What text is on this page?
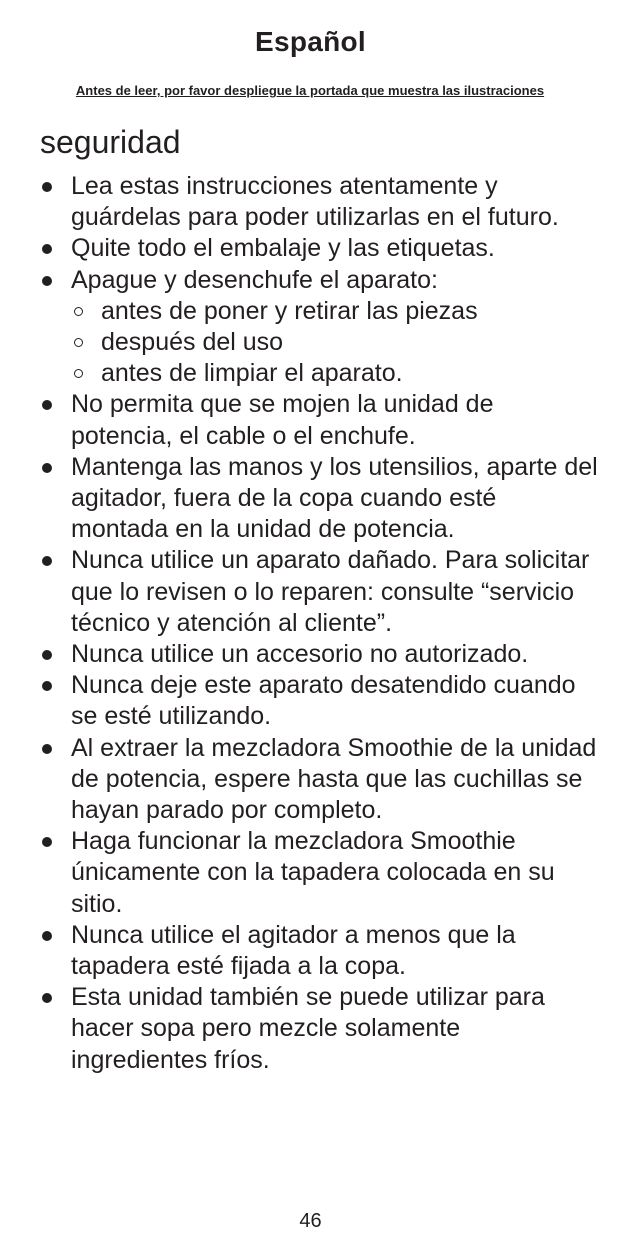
Español
Antes de leer, por favor despliegue la portada que muestra las ilustraciones
seguridad
Lea estas instrucciones atentamente y guárdelas para poder utilizarlas en el futuro.
Quite todo el embalaje y las etiquetas.
Apague y desenchufe el aparato:
antes de poner y retirar las piezas
después del uso
antes de limpiar el aparato.
No permita que se mojen la unidad de potencia, el cable o el enchufe.
Mantenga las manos y los utensilios, aparte del agitador, fuera de la copa cuando esté montada en la unidad de potencia.
Nunca utilice un aparato dañado. Para solicitar que lo revisen o lo reparen: consulte “servicio técnico y atención al cliente”.
Nunca utilice un accesorio no autorizado.
Nunca deje este aparato desatendido cuando se esté utilizando.
Al extraer la mezcladora Smoothie de la unidad de potencia, espere hasta que las cuchillas se hayan parado por completo.
Haga funcionar la mezcladora Smoothie únicamente con la tapadera colocada en su sitio.
Nunca utilice el agitador a menos que la tapadera esté fijada a la copa.
Esta unidad también se puede utilizar para hacer sopa pero mezcle solamente ingredientes fríos.
46
